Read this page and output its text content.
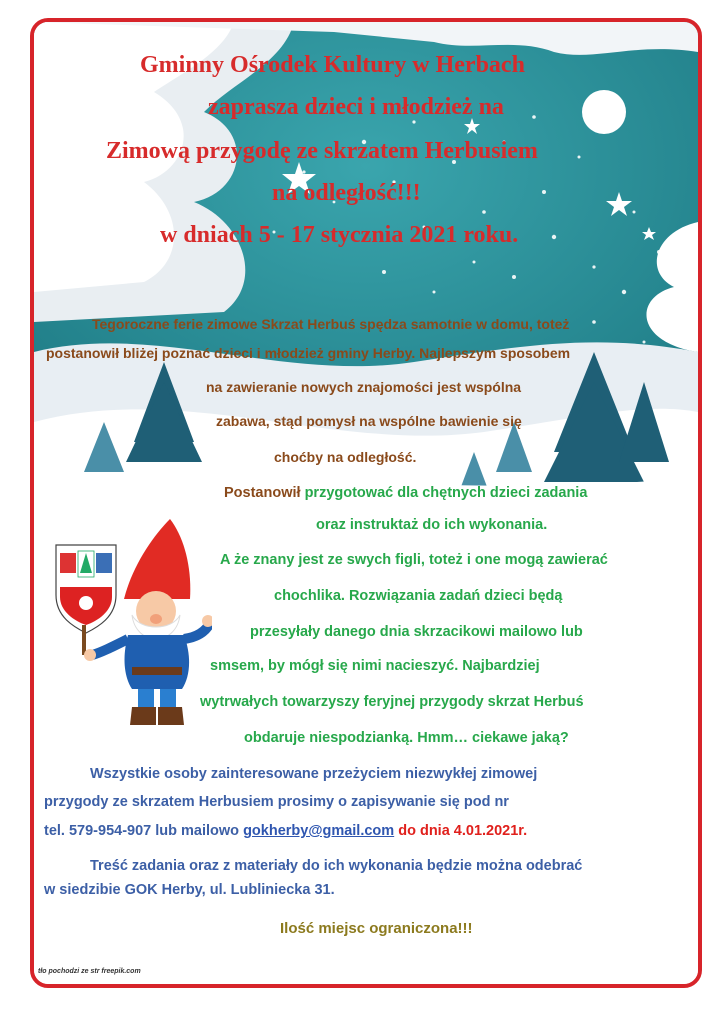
Gminny Ośrodek Kultury w Herbach
zaprasza dzieci i młodzież na
Zimową przygodę ze skrzatem Herbusiem
na odległość!!!
w dniach 5 - 17 stycznia 2021 roku.
Tegoroczne ferie zimowe Skrzat Herbuś spędza samotnie w domu, toteż
postanowił bliżej poznać dzieci i młodzież gminy Herby. Najlepszym sposobem
na zawieranie nowych znajomości jest wspólna
zabawa, stąd pomysł na wspólne bawienie się
choćby na odległość.
Postanowił przygotować dla chętnych dzieci zadania
oraz instruktaż do ich wykonania.
A że znany jest ze swych figli, toteż i one mogą zawierać
chochlika. Rozwiązania zadań dzieci będą
przesyłały danego dnia skrzacikowi mailowo lub
smsem, by mógł się nimi nacieszyć. Najbardziej
wytrwałych towarzyszy feryjnej przygody skrzat Herbuś
obdaruje niespodzianką. Hmm… ciekawe jaką?
Wszystkie osoby zainteresowane przeżyciem niezwykłej zimowej
przygody ze skrzatem Herbusiem prosimy o zapisywanie się pod nr
tel. 579-954-907 lub mailowo gokherby@gmail.com do dnia 4.01.2021r.
Treść zadania oraz z materiały do ich wykonania będzie można odebrać
w siedzibie GOK Herby, ul. Lubliniecka 31.
Ilość miejsc ograniczona!!!
tło pochodzi ze str freepik.com
